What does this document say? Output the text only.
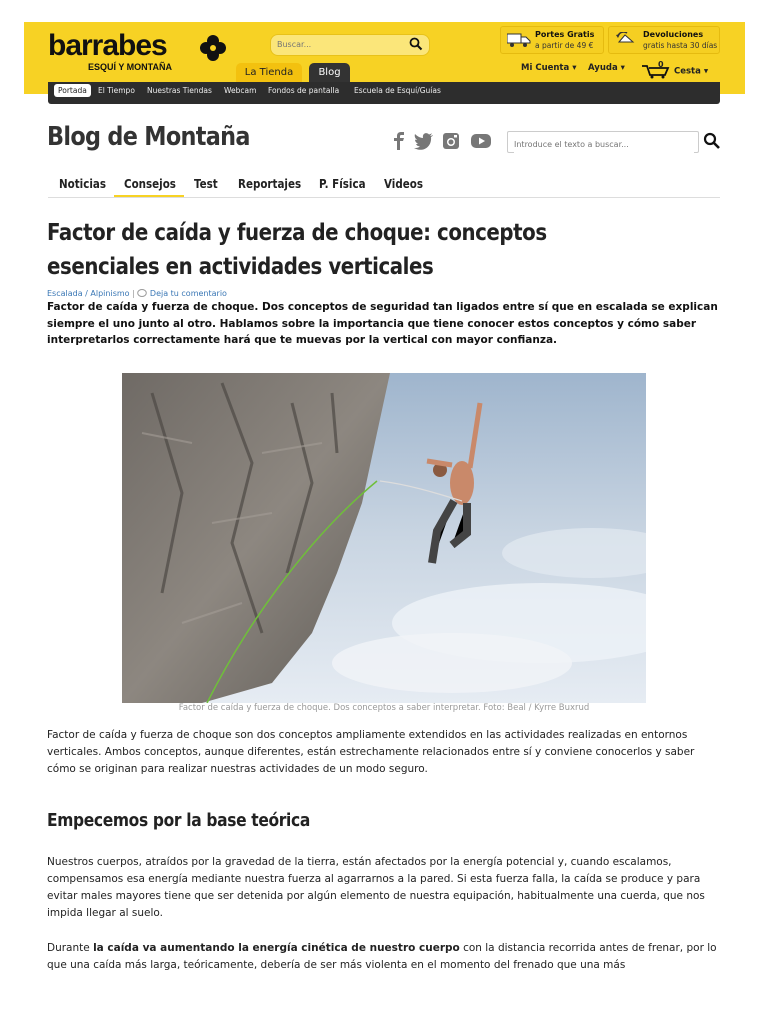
barrabes
ESQUÍ Y MONTAÑA
Buscar...	La Tienda	Blog
Portes Gratis
a partir de 49 €
Devoluciones
gratis hasta 30 días
Mi Cuenta ▾ Ayuda ▾
	0
Cesta ▾
Portada	El Tiempo Nuestras Tiendas Webcam Fondos de pantalla Escuela de Esquí/Guías
Blog de Montaña
Introduce el texto a buscar...
Noticias Consejos Test Reportajes P. Física Videos
Factor de caída y fuerza de choque: conceptos esenciales en actividades verticales
Escalada / Alpinismo |  Deja tu comentario

Factor de caída y fuerza de choque. Dos conceptos de seguridad tan ligados entre sí que en escalada se explican siempre el uno junto al otro. Hablamos sobre la importancia que tiene conocer estos conceptos y cómo saber interpretarlos correctamente hará que te muevas por la vertical con mayor confianza.

Factor de caída y fuerza de choque. Dos conceptos a saber interpretar. Foto: Beal / Kyrre Buxrud

Factor de caída y fuerza de choque son dos conceptos ampliamente extendidos en las actividades realizadas en entornos verticales. Ambos conceptos, aunque diferentes, están estrechamente relacionados entre sí y conviene conocerlos y saber cómo se originan para realizar nuestras actividades de un modo seguro.

Empecemos por la base teórica

Nuestros cuerpos, atraídos por la gravedad de la tierra, están afectados por la energía potencial y, cuando escalamos, compensamos esa energía mediante nuestra fuerza al agarrarnos a la pared. Si esta fuerza falla, la caída se produce y para evitar males mayores tiene que ser detenida por algún elemento de nuestra equipación, habitualmente una cuerda, que nos impida llegar al suelo.

Durante la caída va aumentando la energía cinética de nuestro cuerpo con la distancia recorrida antes de frenar, por lo que una caída más larga, teóricamente, debería de ser más violenta en el momento del frenado que una más
